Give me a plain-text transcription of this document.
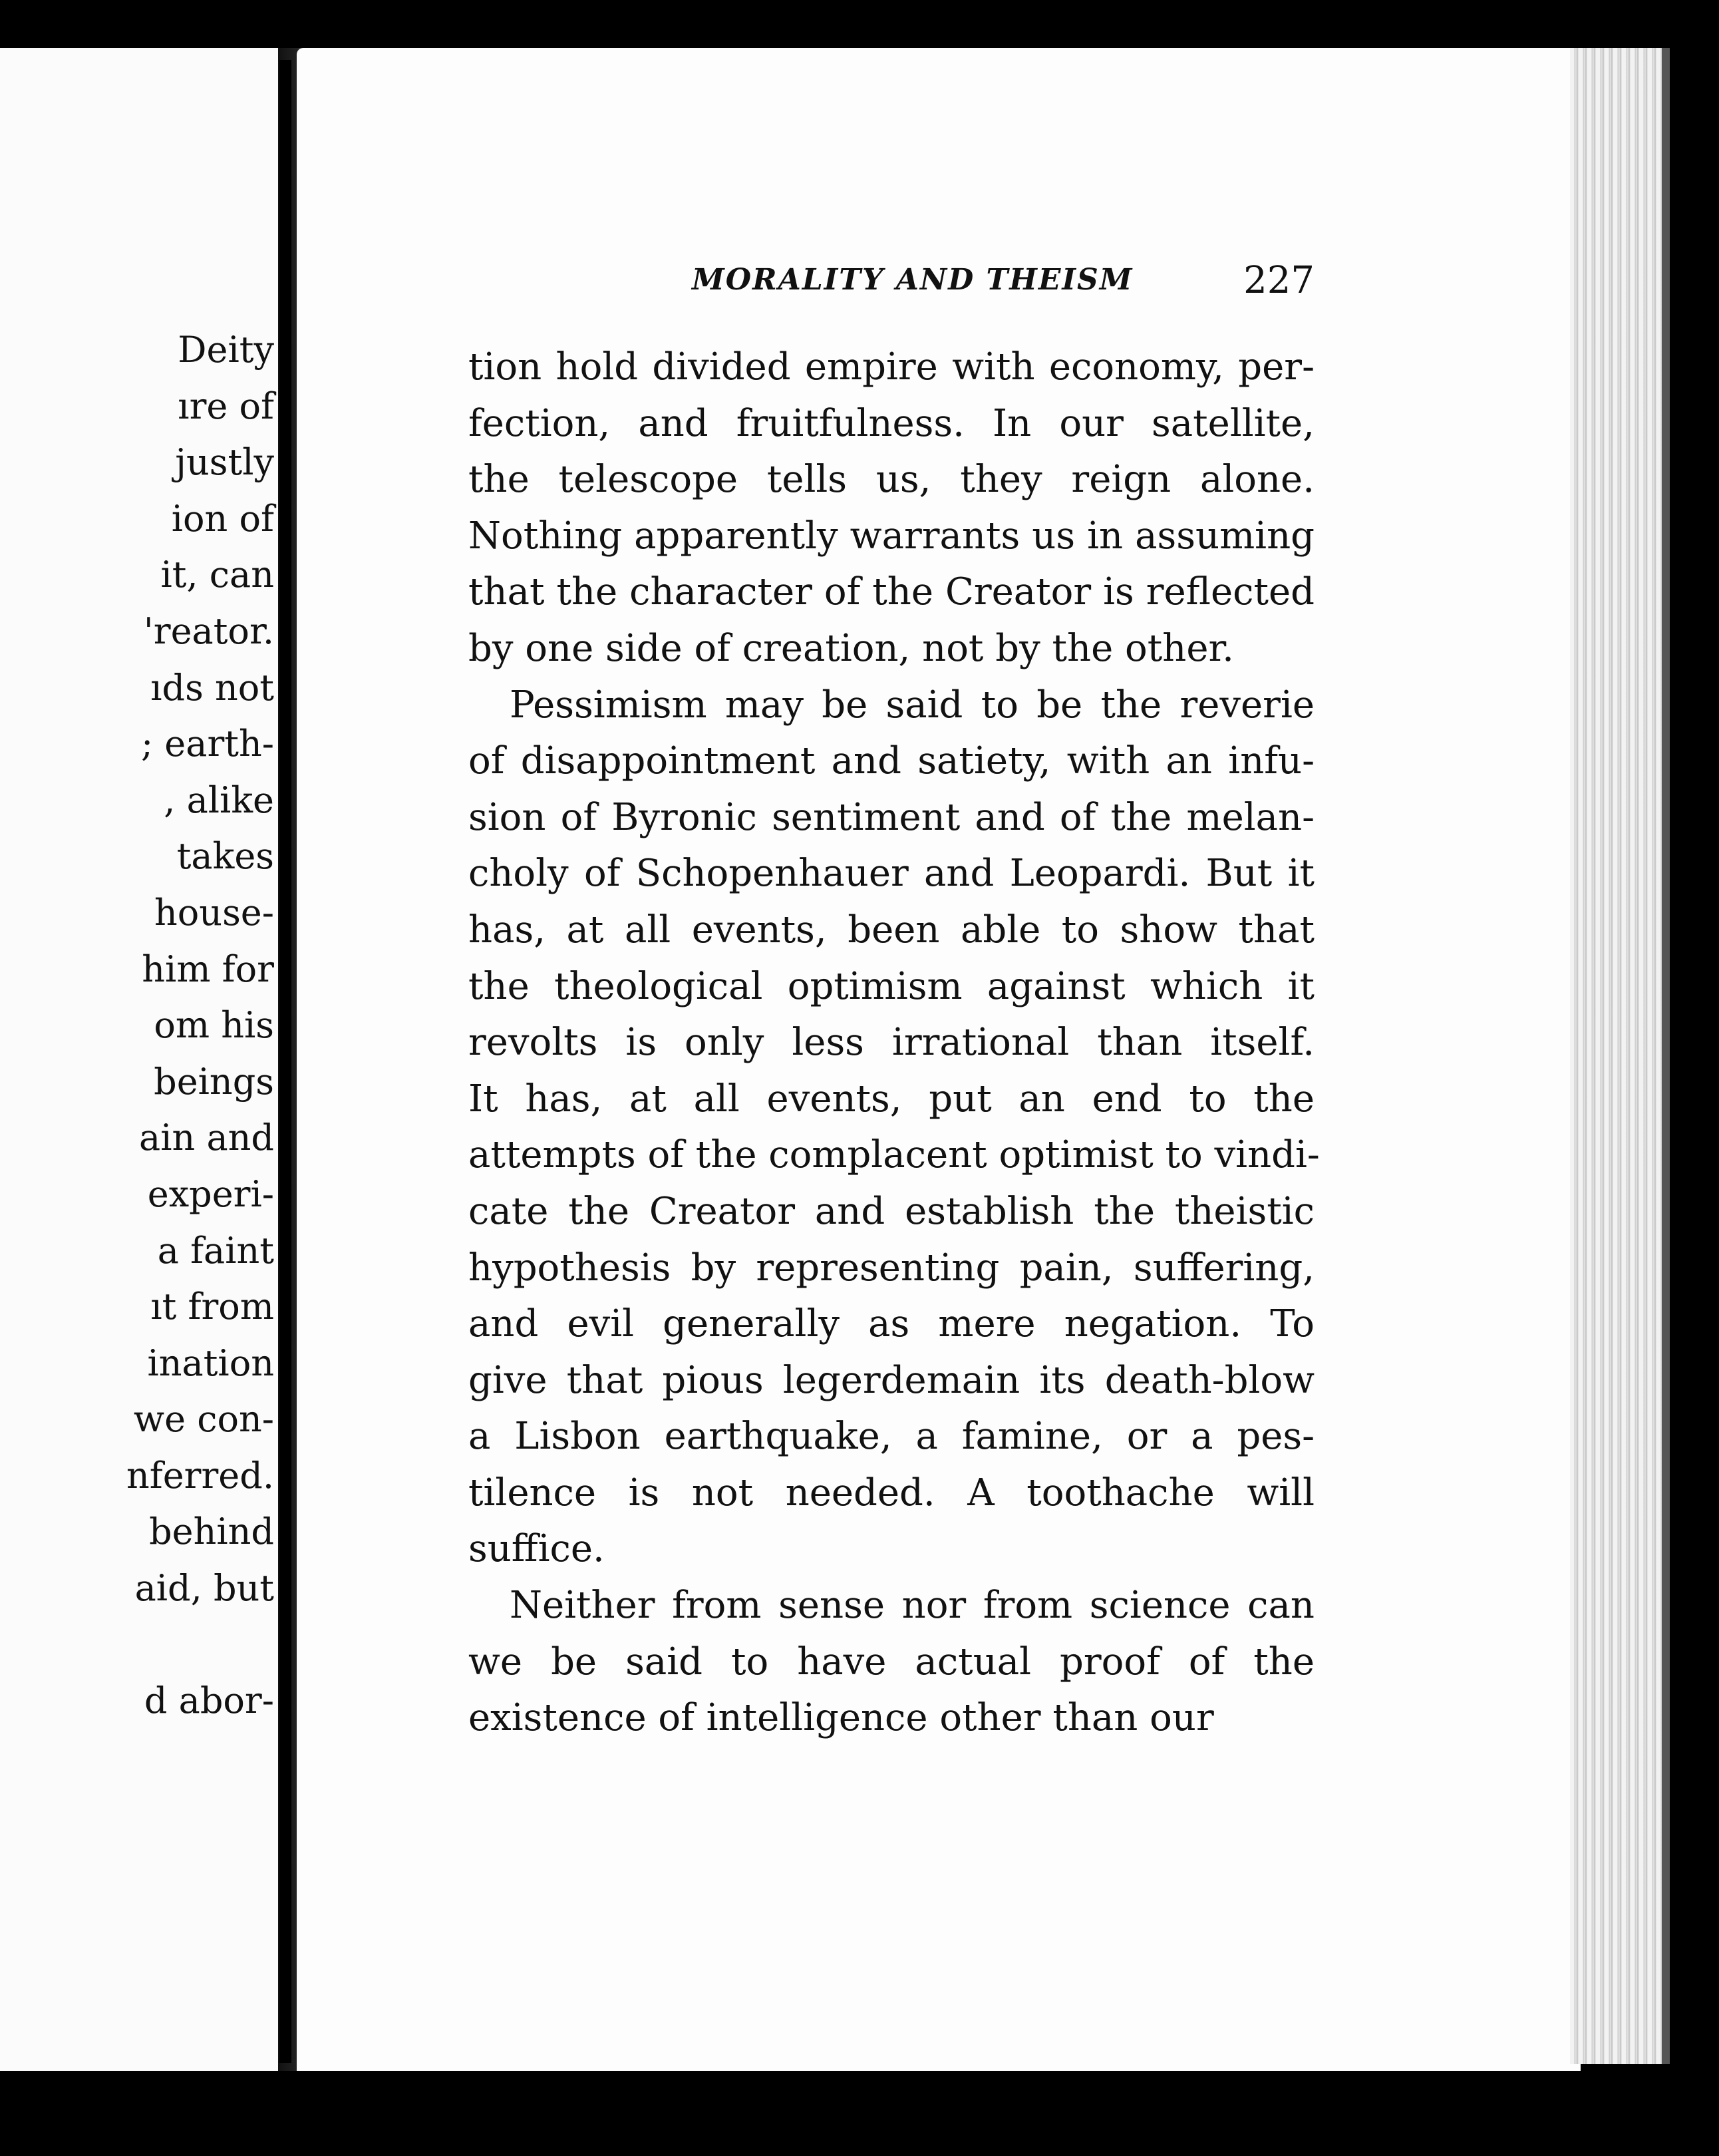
Deity
ıre of
justly
ion of
it, can
'reator.
ıds not
; earth-
, alike
takes
house-
him for
om his
beings
ain and
experi-
a faint
ıt from
ination
we con-
nferred.
behind
aid, but
d abor-
MORALITY AND THEISM	227
tion hold divided empire with economy, per-
fection, and fruitfulness. In our satellite,
the telescope tells us, they reign alone.
Nothing apparently warrants us in assuming
that the character of the Creator is reflected
by one side of creation, not by the other.
Pessimism may be said to be the reverie
of disappointment and satiety, with an infu-
sion of Byronic sentiment and of the melan-
choly of Schopenhauer and Leopardi. But it
has, at all events, been able to show that
the theological optimism against which it
revolts is only less irrational than itself.
It has, at all events, put an end to the
attempts of the complacent optimist to vindi-
cate the Creator and establish the theistic
hypothesis by representing pain, suffering,
and evil generally as mere negation. To
give that pious legerdemain its death-blow
a Lisbon earthquake, a famine, or a pes-
tilence is not needed. A toothache will
suffice.
Neither from sense nor from science can
we be said to have actual proof of the
existence of intelligence other than our
